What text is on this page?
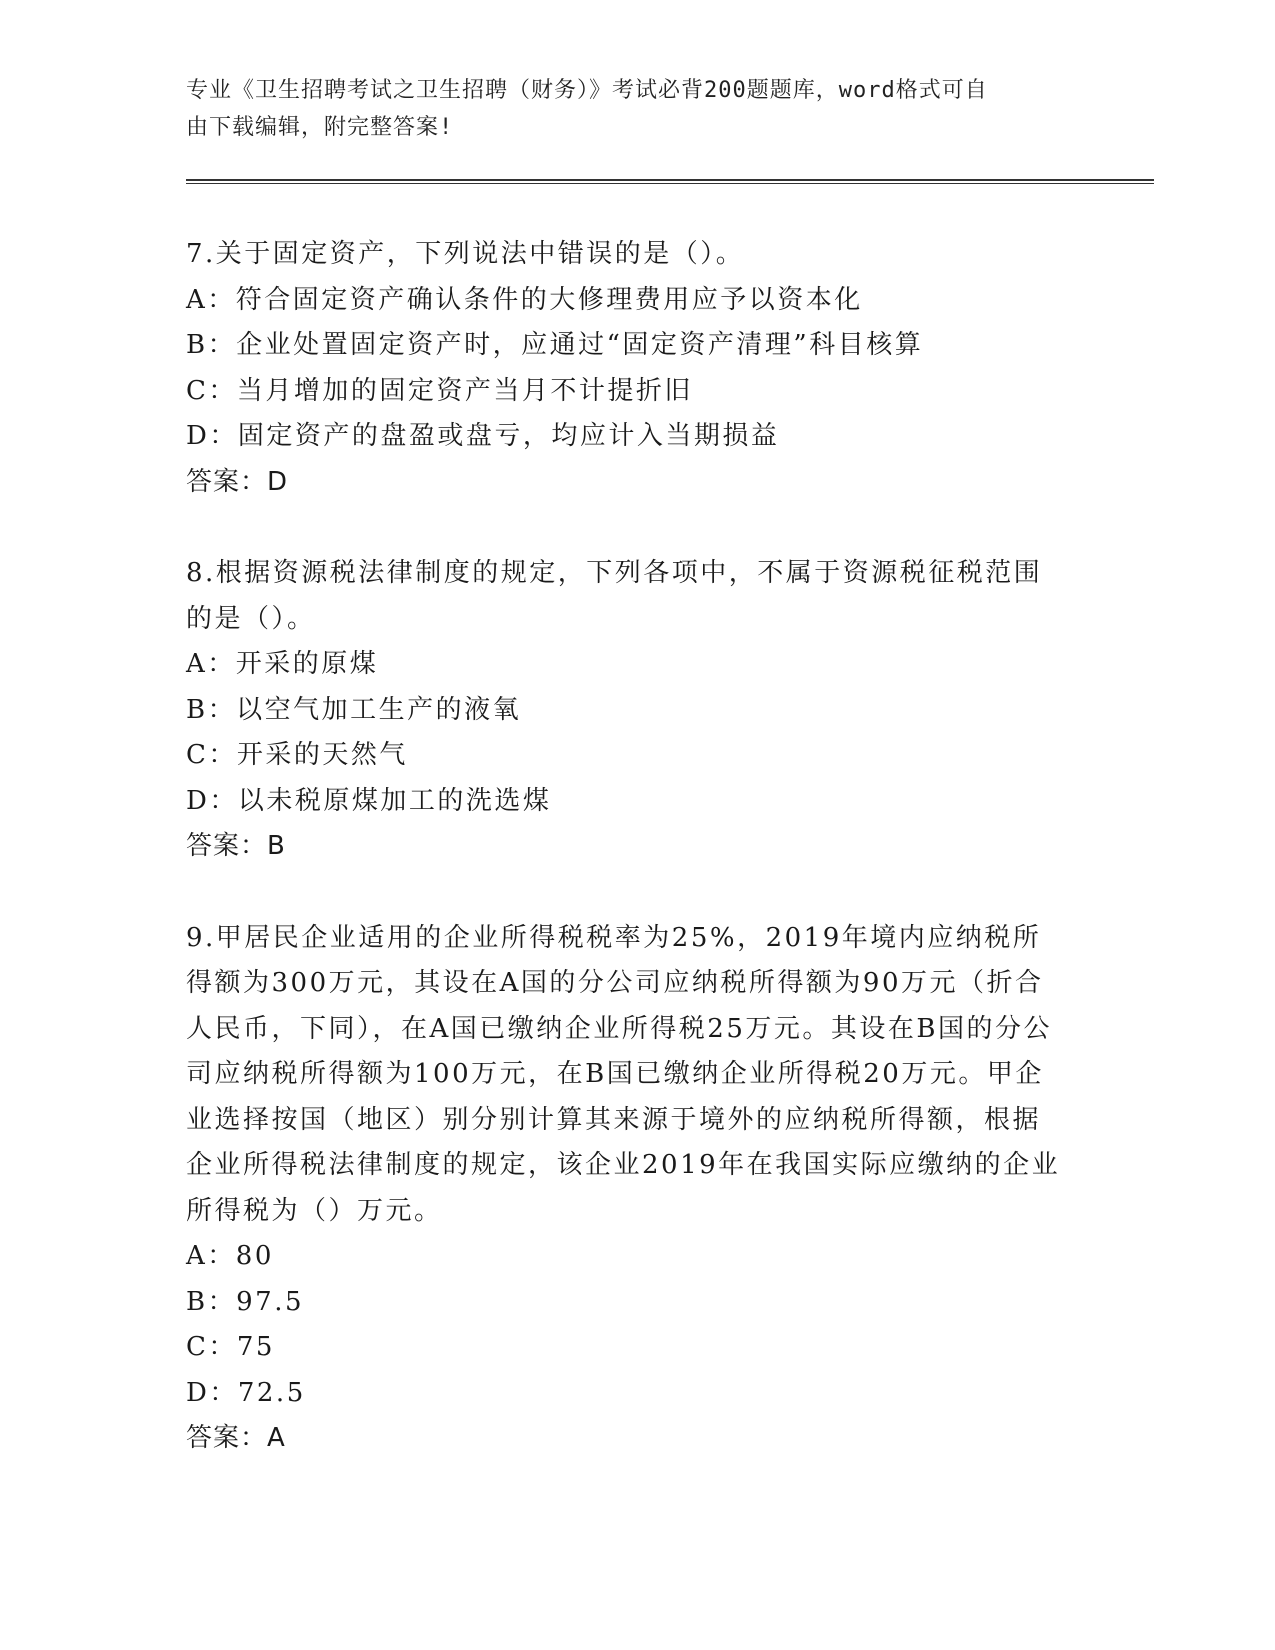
专业《卫生招聘考试之卫生招聘（财务）》考试必背200题题库，word格式可自
由下载编辑，附完整答案!

7.关于固定资产，下列说法中错误的是（）。

A：符合固定资产确认条件的大修理费用应予以资本化

B：企业处置固定资产时，应通过“固定资产清理”科目核算

C：当月增加的固定资产当月不计提折旧

D：固定资产的盘盈或盘亏，均应计入当期损益

答案：D

8.根据资源税法律制度的规定，下列各项中，不属于资源税征税范围的是（）。

A：开采的原煤

B：以空气加工生产的液氧

C：开采的天然气

D：以未税原煤加工的洗选煤

答案：B

9.甲居民企业适用的企业所得税税率为25%，2019年境内应纳税所得额为300万元，其设在A国的分公司应纳税所得额为90万元（折合人民币，下同），在A国已缴纳企业所得税25万元。其设在B国的分公司应纳税所得额为100万元，在B国已缴纳企业所得税20万元。甲企业选择按国（地区）别分别计算其来源于境外的应纳税所得额，根据企业所得税法律制度的规定，该企业2019年在我国实际应缴纳的企业所得税为（）万元。

A：80

B：97.5

C：75

D：72.5

答案：A
